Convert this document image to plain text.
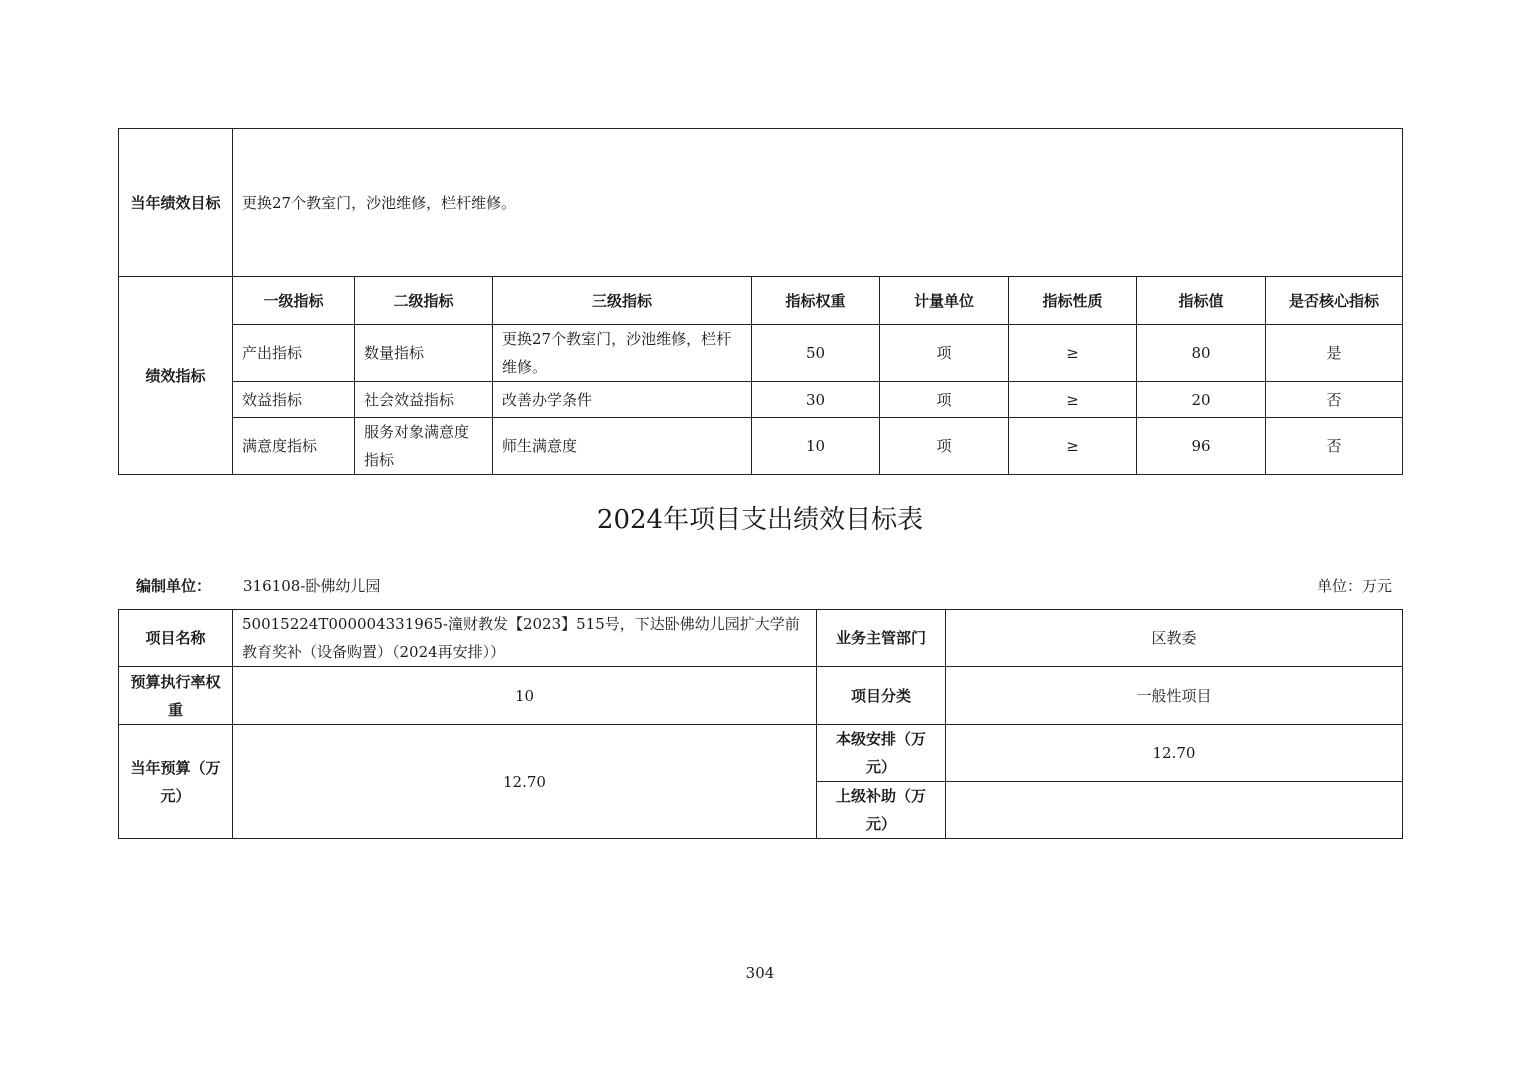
当年绩效目标	更换27个教室门，沙池维修，栏杆维修。							
绩效指标	一级指标	二级指标	三级指标	指标权重	计量单位	指标性质	指标值	是否核心指标
	产出指标	数量指标	更换27个教室门，沙池维修，栏杆维修。	50	项	≥	80	是
	效益指标	社会效益指标	改善办学条件	30	项	≥	20	否
	满意度指标	服务对象满意度指标	师生满意度	10	项	≥	96	否
2024年项目支出绩效目标表
编制单位： 316108-卧佛幼儿园	单位：万元
项目名称	50015224T000004331965-潼财教发【2023】515号，下达卧佛幼儿园扩大学前教育奖补（设备购置）（2024再安排））	业务主管部门	区教委
预算执行率权重	10	项目分类	一般性项目
当年预算（万元）	12.70	本级安排（万元）	12.70
		上级补助（万元）	
304
